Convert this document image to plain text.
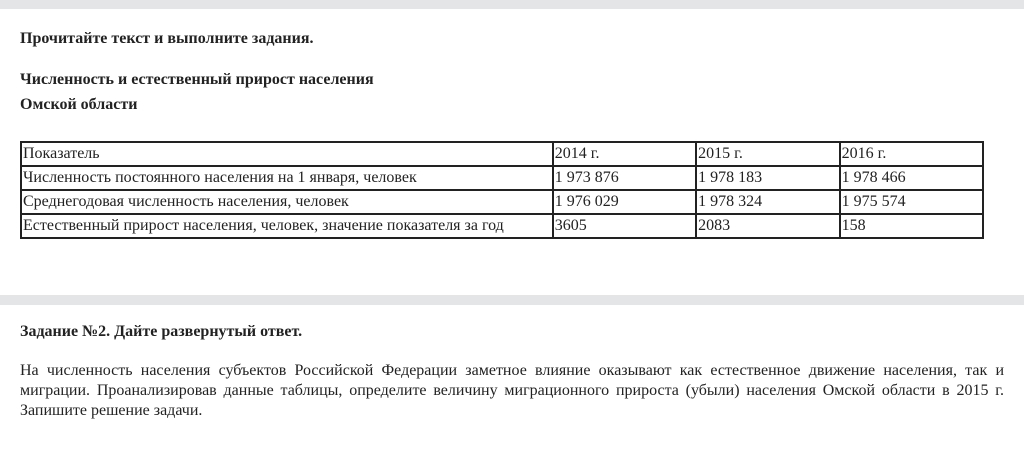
Прочитайте текст и выполните задания.
Численность и естественный прирост населения
Омской области
Показатель	2014 г.	2015 г.	2016 г.
Численность постоянного населения на 1 января, человек	1 973 876	1 978 183	1 978 466
Среднегодовая численность населения, человек	1 976 029	1 978 324	1 975 574
Естественный прирост населения, человек, значение показателя за год	3605	2083	158
Задание №2. Дайте развернутый ответ.
На численность населения субъектов Российской Федерации заметное влияние оказывают как естественное движение населения, так и миграции. Проанализировав данные таблицы, определите величину миграционного прироста (убыли) населения Омской области в 2015 г. Запишите решение задачи.
